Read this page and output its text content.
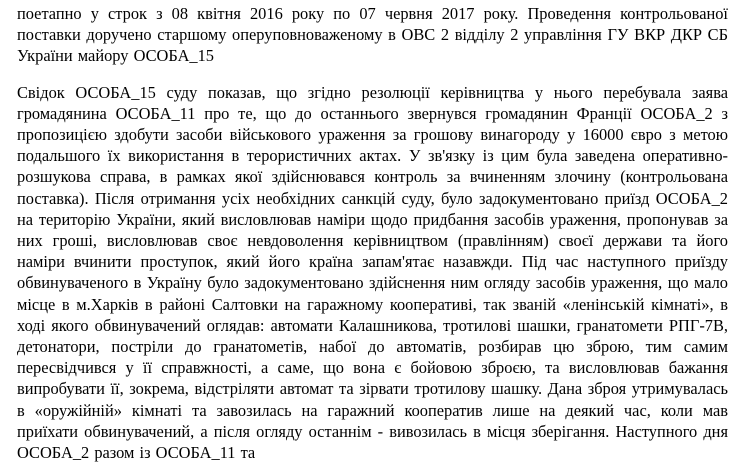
поетапно у строк з 08 квітня 2016 року по 07 червня 2017 року. Проведення контрольованої поставки доручено старшому оперуповноваженому в ОВС 2 відділу 2 управління ГУ ВКР ДКР СБ України майору ОСОБА_15

Свідок ОСОБА_15 суду показав, що згідно резолюції керівництва у нього перебувала заява громадянина ОСОБА_11 про те, що до останнього звернувся громадянин Франції ОСОБА_2 з пропозицією здобути засоби військового ураження за грошову винагороду у 16000 євро з метою подальшого їх використання в терористичних актах. У зв'язку із цим була заведена оперативно-розшукова справа, в рамках якої здійснювався контроль за вчиненням злочину (контрольована поставка). Після отримання усіх необхідних санкцій суду, було задокументовано приїзд ОСОБА_2 на територію України, який висловлював наміри щодо придбання засобів ураження, пропонував за них гроші, висловлював своє невдоволення керівництвом (правлінням) своєї держави та його наміри вчинити проступок, який його країна запам'ятає назавжди. Під час наступного приїзду обвинуваченого в Україну було задокументовано здійснення ним огляду засобів ураження, що мало місце в м.Харків в районі Салтовки на гаражному кооперативі, так званій «ленінській кімнаті», в ході якого обвинувачений оглядав: автомати Калашникова, тротилові шашки, гранатомети РПГ-7В, детонатори, постріли до гранатометів, набої до автоматів, розбирав цю зброю, тим самим пересвідчився у її справжності, а саме, що вона є бойовою зброєю, та висловлював бажання випробувати її, зокрема, відстріляти автомат та зірвати тротилову шашку. Дана зброя утримувалась в «оружійній» кімнаті та завозилась на гаражний кооператив лише на деякий час, коли мав приїхати обвинувачений, а після огляду останнім - вивозилась в місця зберігання. Наступного дня ОСОБА_2 разом із ОСОБА_11 та
